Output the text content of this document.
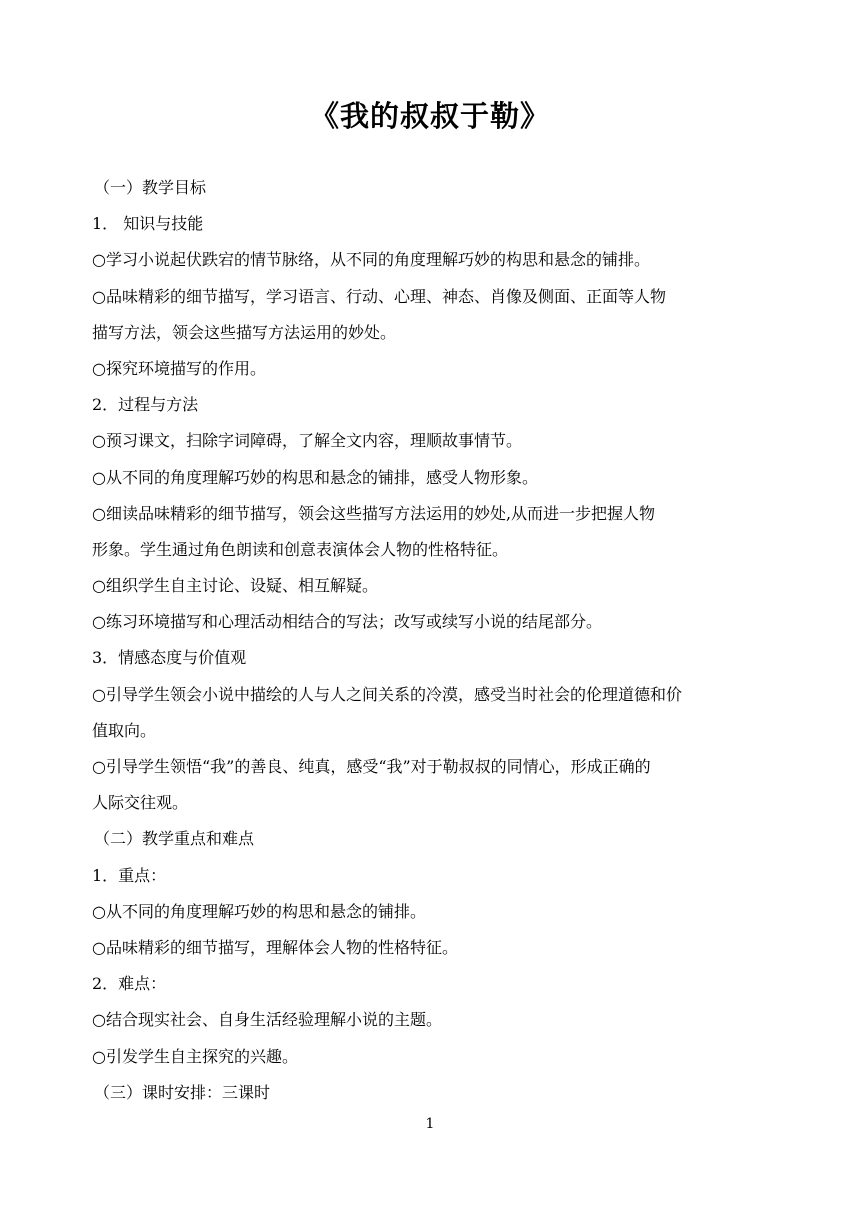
《我的叔叔于勒》
（一）教学目标
1． 知识与技能
○学习小说起伏跌宕的情节脉络，从不同的角度理解巧妙的构思和悬念的铺排。
○品味精彩的细节描写，学习语言、行动、心理、神态、肖像及侧面、正面等人物
描写方法，领会这些描写方法运用的妙处。
○探究环境描写的作用。
2．过程与方法
○预习课文，扫除字词障碍，了解全文内容，理顺故事情节。
○从不同的角度理解巧妙的构思和悬念的铺排，感受人物形象。
○细读品味精彩的细节描写，领会这些描写方法运用的妙处,从而进一步把握人物
形象。学生通过角色朗读和创意表演体会人物的性格特征。
○组织学生自主讨论、设疑、相互解疑。
○练习环境描写和心理活动相结合的写法；改写或续写小说的结尾部分。
3．情感态度与价值观
○引导学生领会小说中描绘的人与人之间关系的冷漠，感受当时社会的伦理道德和价
值取向。
○引导学生领悟“我”的善良、纯真，感受“我”对于勒叔叔的同情心，形成正确的
人际交往观。
（二）教学重点和难点
1．重点：
○从不同的角度理解巧妙的构思和悬念的铺排。
○品味精彩的细节描写，理解体会人物的性格特征。
2．难点：
○结合现实社会、自身生活经验理解小说的主题。
○引发学生自主探究的兴趣。
（三）课时安排：三课时
1
